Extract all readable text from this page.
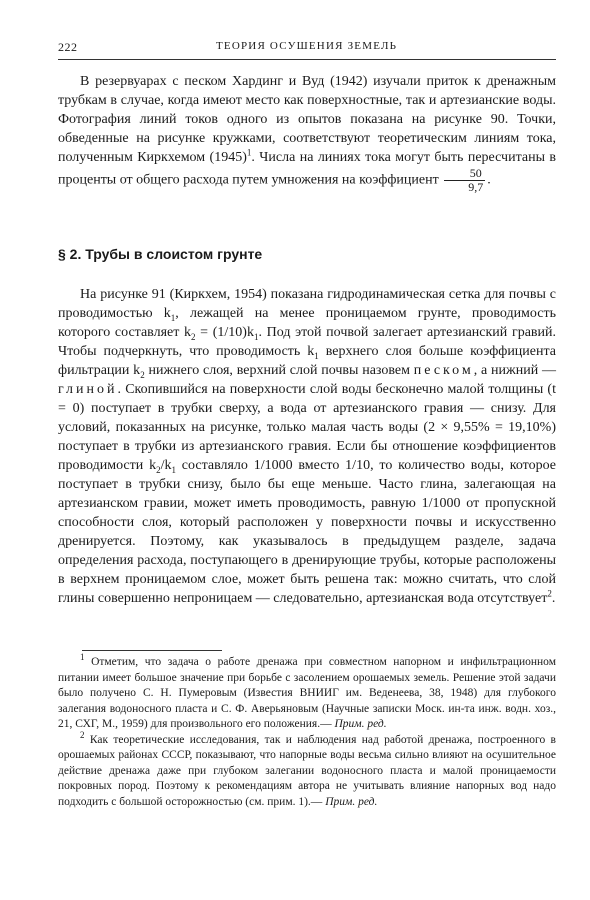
222	ТЕОРИЯ ОСУШЕНИЯ ЗЕМЕЛЬ

В резервуарах с песком Хардинг и Вуд (1942) изучали приток к дренажным трубкам в случае, когда имеют место как поверхностные, так и артезианские воды. Фотография линий токов одного из опытов показана на рисунке 90. Точки, обведенные на рисунке кружками, соответствуют теоретическим линиям тока, полученным Киркхемом $(1945)^1$. Числа на линиях тока могут быть пересчитаны в проценты от общего расхода путем умножения на коэффициент $\frac{50}{9,7}$ .

§ 2. Трубы в слоистом грунте

На рисунке 91 (Киркхем, 1954) показана гидродинамическая сетка для почвы с проводимостью $k_1$, лежащей на менее проницаемом грунте, проводимость которого составляет $k_2 = (1/10)k_1$. Под этой почвой залегает артезианский гравий. Чтобы подчеркнуть, что проводимость $k_1$ верхнего слоя больше коэффициента фильтрации $k_2$ нижнего слоя, верхний слой почвы назовем песком, а нижний — глиной. Скопившийся на поверхности слой воды бесконечно малой толщины (t = 0) поступает в трубки сверху, а вода от артезианского гравия — снизу. Для условий, показанных на рисунке, только малая часть воды (2 × 9,55% = 19,10%) поступает в трубки из артезианского гравия. Если бы отношение коэффициентов проводимости $k_2/k_1$ составляло 1/1000 вместо 1/10, то количество воды, которое поступает в трубки снизу, было бы еще меньше. Часто глина, залегающая на артезианском гравии, может иметь проводимость, равную 1/1000 от пропускной способности слоя, который расположен у поверхности почвы и искусственно дренируется. Поэтому, как указывалось в предыдущем разделе, задача определения расхода, поступающего в дренирующие трубы, которые расположены в верхнем проницаемом слое, может быть решена так: можно считать, что слой глины совершенно непроницаем — следовательно, артезианская вода отсутствует$^2$.

$^1$ Отметим, что задача о работе дренажа при совместном напорном и инфильтрационном питании имеет большое значение при борьбе с засолением орошаемых земель. Решение этой задачи было получено С. Н. Пумеровым (Известия ВНИИГ им. Веденеева, 38, 1948) для глубокого залегания водоносного пласта и С. Ф. Аверьяновым (Научные записки Моск. ин-та инж. водн. хоз., 21, СХГ, М., 1959) для произвольного его положения.— Прим. ред.

$^2$ Как теоретические исследования, так и наблюдения над работой дренажа, построенного в орошаемых районах СССР, показывают, что напорные воды весьма сильно влияют на осушительное действие дренажа даже при глубоком залегании водоносного пласта и малой проницаемости покровных пород. Поэтому к рекомендациям автора не учитывать влияние напорных вод надо подходить с большой осторожностью (см. прим. 1).— Прим. ред.
